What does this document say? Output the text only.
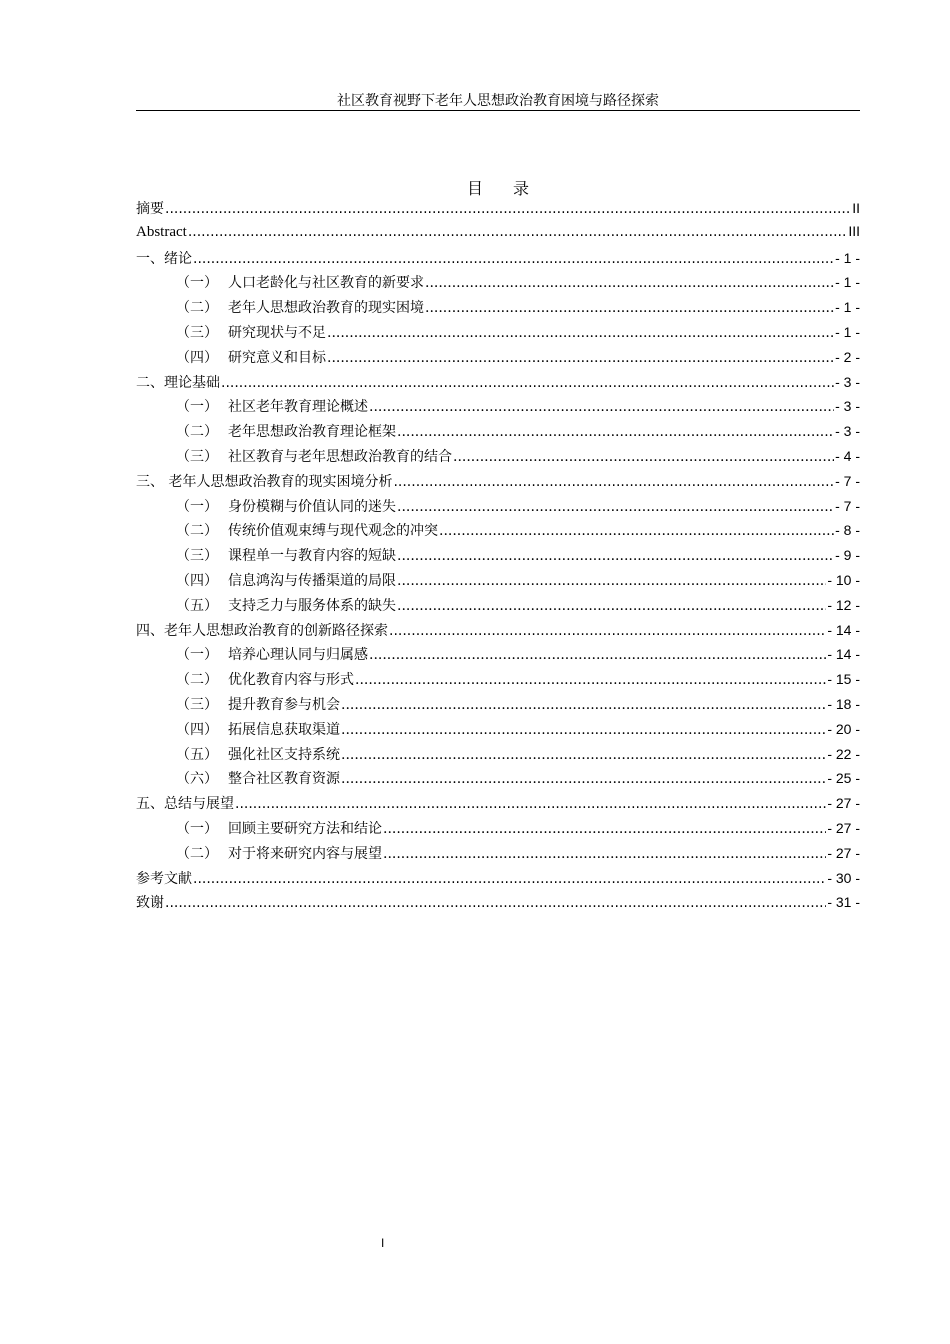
社区教育视野下老年人思想政治教育困境与路径探索
目录
摘要 .....	II
Abstract .....	III
一、绪论 .....	- 1 -
（一） 人口老龄化与社区教育的新要求 .....	- 1 -
（二） 老年人思想政治教育的现实困境 .....	- 1 -
（三） 研究现状与不足 .....	- 1 -
（四） 研究意义和目标 .....	- 2 -
二、理论基础 .....	- 3 -
（一） 社区老年教育理论概述 .....	- 3 -
（二） 老年思想政治教育理论框架 .....	- 3 -
（三） 社区教育与老年思想政治教育的结合 .....	- 4 -
三、 老年人思想政治教育的现实困境分析 .....	- 7 -
（一） 身份模糊与价值认同的迷失 .....	- 7 -
（二） 传统价值观束缚与现代观念的冲突 .....	- 8 -
（三） 课程单一与教育内容的短缺 .....	- 9 -
（四） 信息鸿沟与传播渠道的局限 .....	- 10 -
（五） 支持乏力与服务体系的缺失 .....	- 12 -
四、老年人思想政治教育的创新路径探索 .....	- 14 -
（一） 培养心理认同与归属感 .....	- 14 -
（二） 优化教育内容与形式 .....	- 15 -
（三） 提升教育参与机会 .....	- 18 -
（四） 拓展信息获取渠道 .....	- 20 -
（五） 强化社区支持系统 .....	- 22 -
（六） 整合社区教育资源 .....	- 25 -
五、总结与展望 .....	- 27 -
（一） 回顾主要研究方法和结论 .....	- 27 -
（二） 对于将来研究内容与展望 .....	- 27 -
参考文献 .....	- 30 -
致谢 .....	- 31 -
I
